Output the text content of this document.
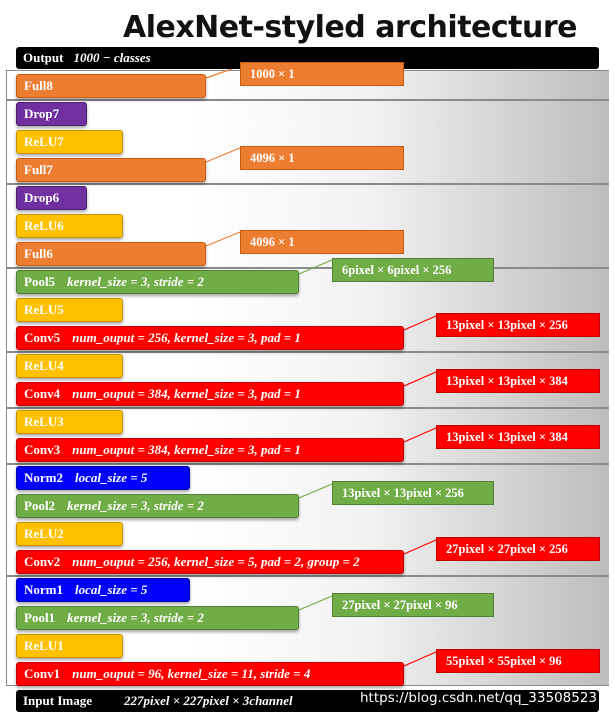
AlexNet-styled architecture
Output 1000 − classes
Full8
Drop7
ReLU7
Full7
Drop6
ReLU6
Full6
Pool5 kernel_size = 3, stride = 2
ReLU5
Conv5 num_ouput = 256, kernel_size = 3, pad = 1
ReLU4
Conv4 num_ouput = 384, kernel_size = 3, pad = 1
ReLU3
Conv3 num_ouput = 384, kernel_size = 3, pad = 1
Norm2 local_size = 5
Pool2 kernel_size = 3, stride = 2
ReLU2
Conv2 num_ouput = 256, kernel_size = 5, pad = 2, group = 2
Norm1 local_size = 5
Pool1 kernel_size = 3, stride = 2
ReLU1
Conv1 num_ouput = 96, kernel_size = 11, stride = 4
1000 × 1
4096 × 1
4096 × 1
6pixel × 6pixel × 256
13pixel × 13pixel × 256
13pixel × 13pixel × 384
13pixel × 13pixel × 384
13pixel × 13pixel × 256
27pixel × 27pixel × 256
27pixel × 27pixel × 96
55pixel × 55pixel × 96
Input Image 227pixel × 227pixel × 3channel	https://blog.csdn.net/qq_33508523
